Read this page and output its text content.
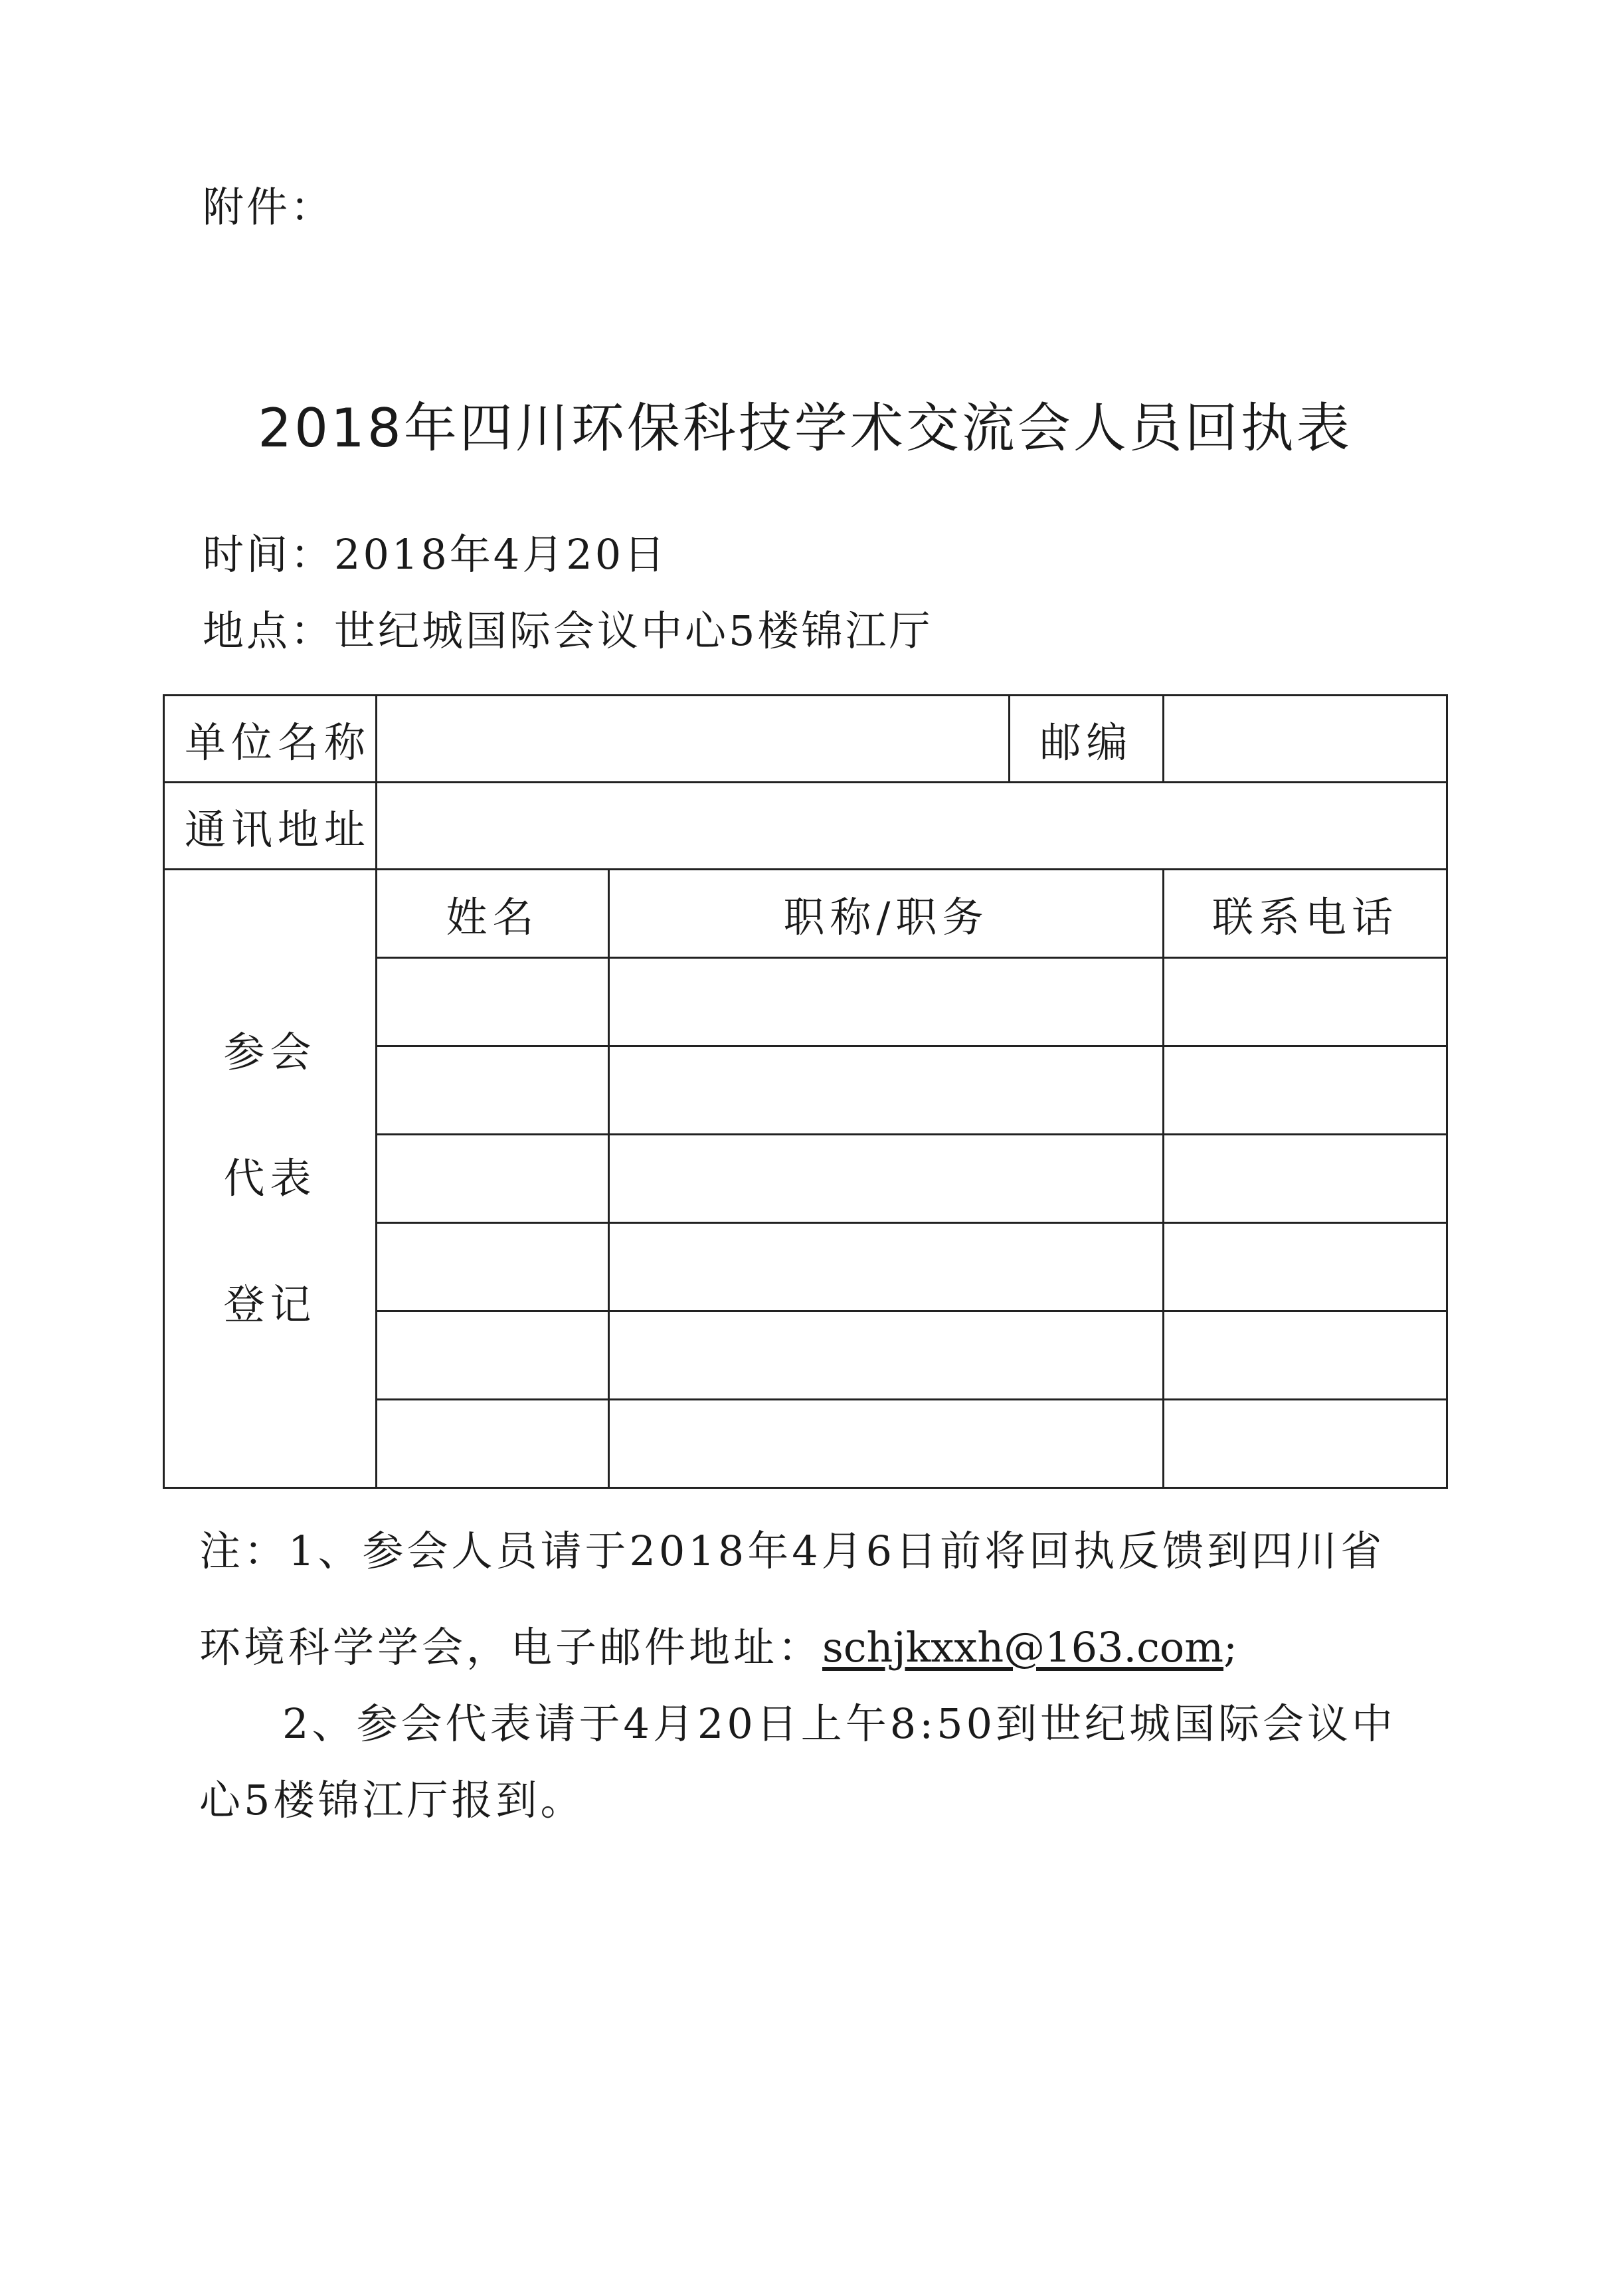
附件：
2018年四川环保科技学术交流会人员回执表
时间：2018年4月20日
地点：世纪城国际会议中心5楼锦江厅
单位名称			邮编	
通讯地址				

参会
代表
登记	姓名	职称/职务		联系电话

注：1、参会人员请于2018年4月6日前将回执反馈到四川省
环境科学学会，电子邮件地址：schjkxxh@163.com;
2、参会代表请于4月20日上午8:50到世纪城国际会议中
心5楼锦江厅报到。
